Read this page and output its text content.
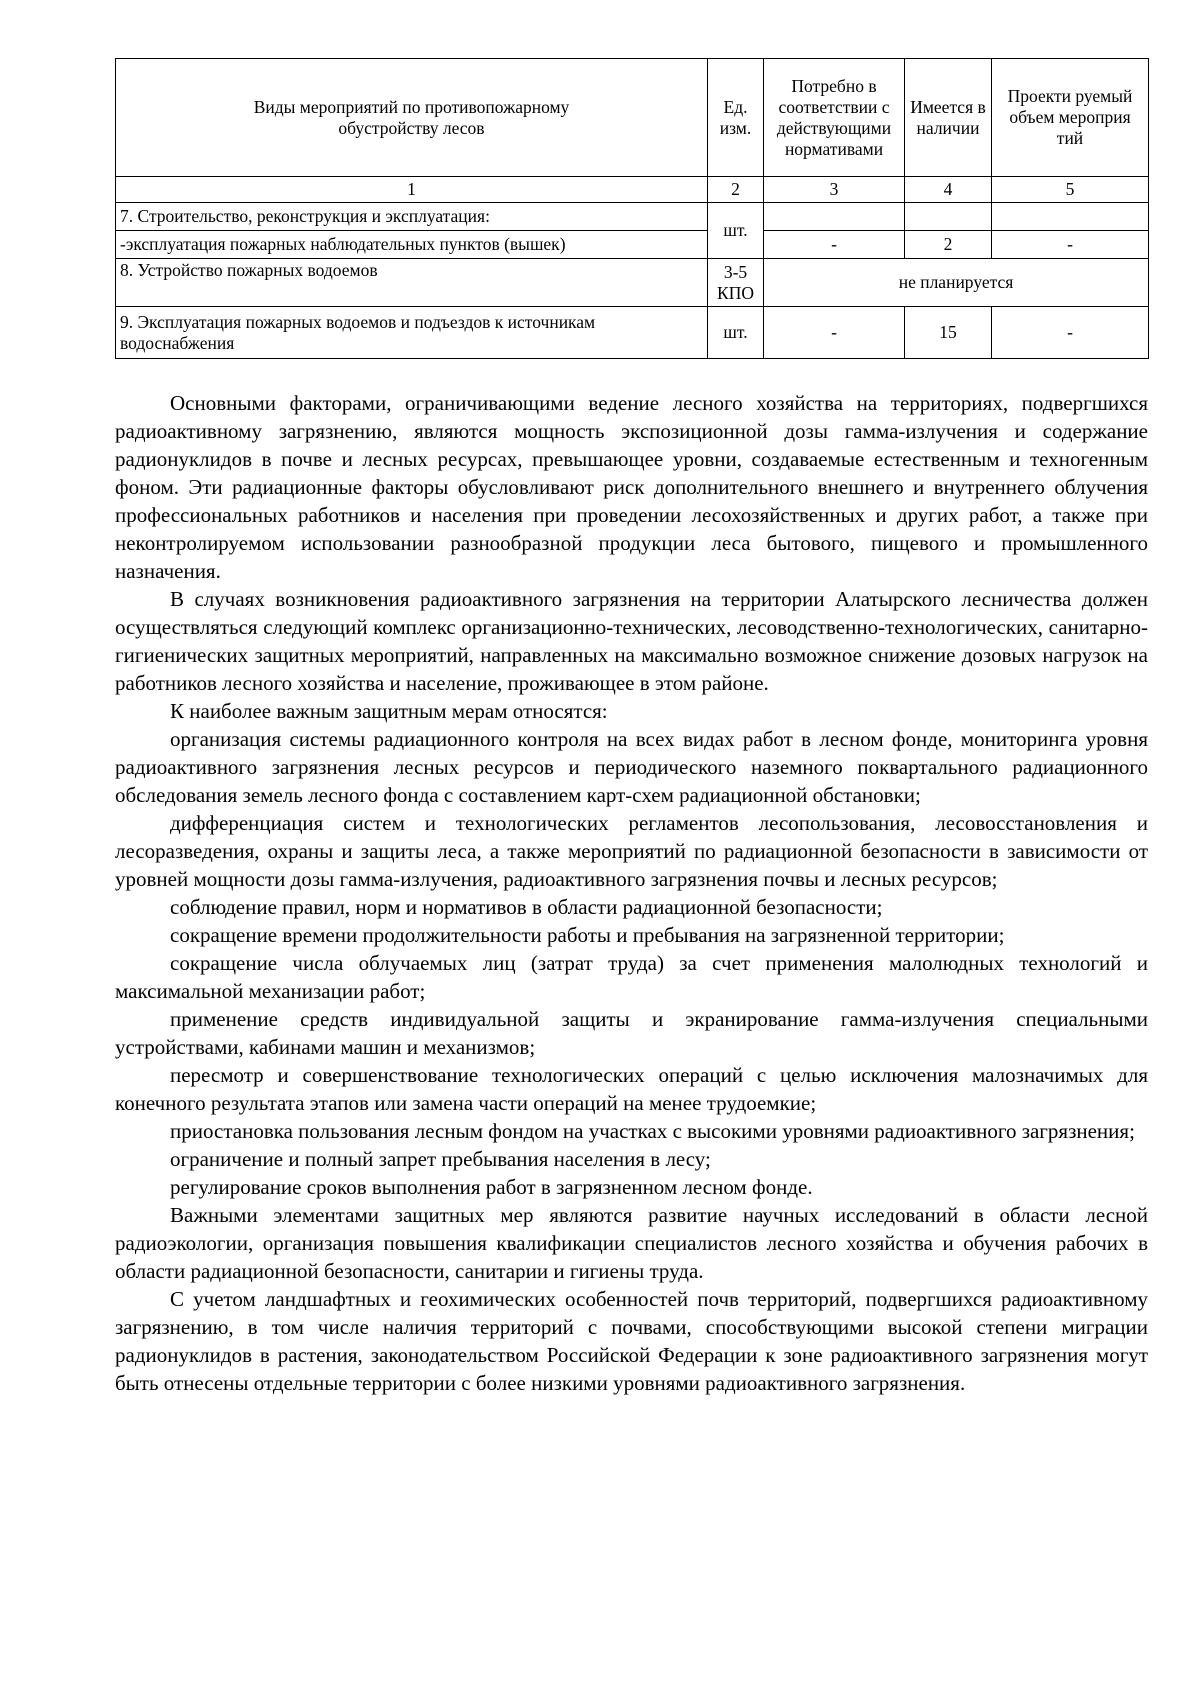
Виды мероприятий по противопожарному обустройству лесов	Ед. изм.	Потребно в соответствии с действующими нормативами	Имеется в наличии	Проекти руемый объем мероприя тий
1	2	3	4	5
7. Строительство, реконструкция и эксплуатация:	шт.			
-эксплуатация пожарных наблюдательных пунктов (вышек)		-	2	-
8. Устройство пожарных водоемов	3-5 КПО	не планируется		
9. Эксплуатация пожарных водоемов и подъездов к источникам водоснабжения	шт.	-	15	-

Основными факторами, ограничивающими ведение лесного хозяйства на территориях, подвергшихся радиоактивному загрязнению, являются мощность экспозиционной дозы гамма-излучения и содержание радионуклидов в почве и лесных ресурсах, превышающее уровни, создаваемые естественным и техногенным фоном. Эти радиационные факторы обусловливают риск дополнительного внешнего и внутреннего облучения профессиональных работников и населения при проведении лесохозяйственных и других работ, а также при неконтролируемом использовании разнообразной продукции леса бытового, пищевого и промышленного назначения.

В случаях возникновения радиоактивного загрязнения на территории Алатырского лесничества должен осуществляться следующий комплекс организационно-технических, лесоводственно-технологических, санитарно-гигиенических защитных мероприятий, направленных на максимально возможное снижение дозовых нагрузок на работников лесного хозяйства и население, проживающее в этом районе.

К наиболее важным защитным мерам относятся:

организация системы радиационного контроля на всех видах работ в лесном фонде, мониторинга уровня радиоактивного загрязнения лесных ресурсов и периодического наземного поквартального радиационного обследования земель лесного фонда с составлением карт-схем радиационной обстановки;

дифференциация систем и технологических регламентов лесопользования, лесовосстановления и лесоразведения, охраны и защиты леса, а также мероприятий по радиационной безопасности в зависимости от уровней мощности дозы гамма-излучения, радиоактивного загрязнения почвы и лесных ресурсов;

соблюдение правил, норм и нормативов в области радиационной безопасности;

сокращение времени продолжительности работы и пребывания на загрязненной территории;

сокращение числа облучаемых лиц (затрат труда) за счет применения малолюдных технологий и максимальной механизации работ;

применение средств индивидуальной защиты и экранирование гамма-излучения специальными устройствами, кабинами машин и механизмов;

пересмотр и совершенствование технологических операций с целью исключения малозначимых для конечного результата этапов или замена части операций на менее трудоемкие;

приостановка пользования лесным фондом на участках с высокими уровнями радиоактивного загрязнения;

ограничение и полный запрет пребывания населения в лесу;

регулирование сроков выполнения работ в загрязненном лесном фонде.

Важными элементами защитных мер являются развитие научных исследований в области лесной радиоэкологии, организация повышения квалификации специалистов лесного хозяйства и обучения рабочих в области радиационной безопасности, санитарии и гигиены труда.

С учетом ландшафтных и геохимических особенностей почв территорий, подвергшихся радиоактивному загрязнению, в том числе наличия территорий с почвами, способствующими высокой степени миграции радионуклидов в растения, законодательством Российской Федерации к зоне радиоактивного загрязнения могут быть отнесены отдельные территории с более низкими уровнями радиоактивного загрязнения.
